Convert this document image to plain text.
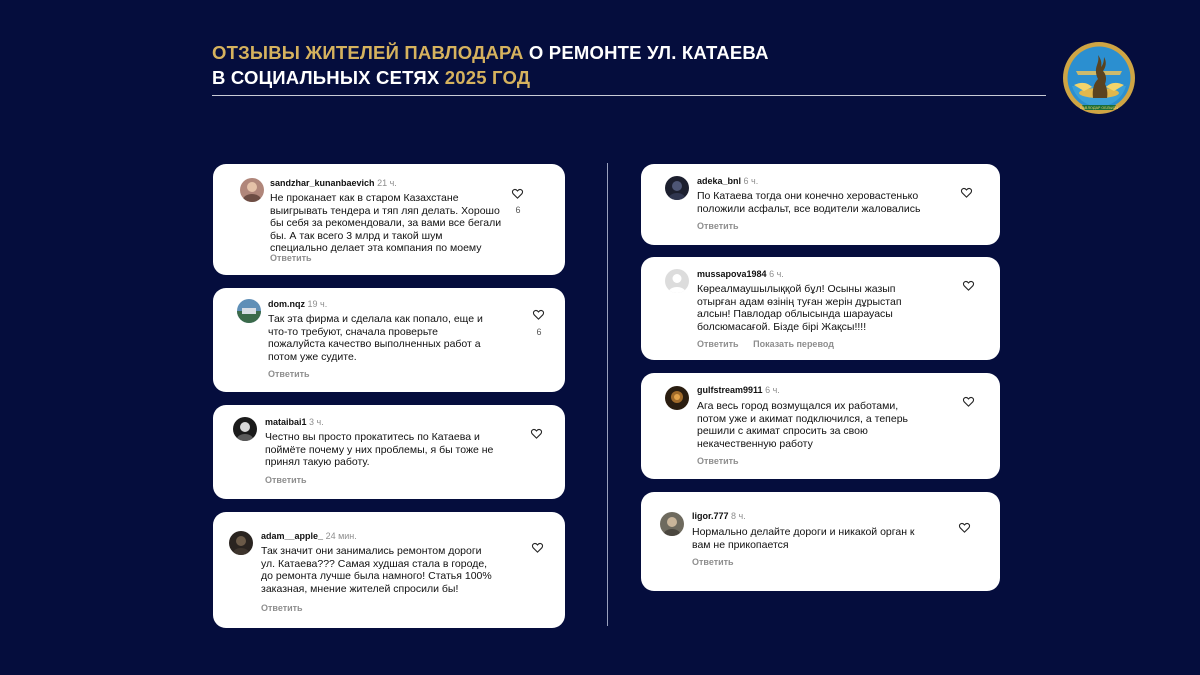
ОТЗЫВЫ ЖИТЕЛЕЙ ПАВЛОДАРА О РЕМОНТЕ УЛ. КАТАЕВА
В СОЦИАЛЬНЫХ СЕТЯХ 2025 ГОД
ПАВЛОДАР ОБЛЫСЫ
sandzhar_kunanbaevich 21 ч.
Не проканает как в старом Казахстане
выигрывать тендера и тяп ляп делать. Хорошо
бы себя за рекомендовали, за вами все бегали
бы. А так всего 3 млрд и такой шум
специально делает эта компания по моему
Ответить
6
dom.nqz 19 ч.
Так эта фирма и сделала как попало, еще и
что-то требуют, сначала проверьте
пожалуйста качество выполненных работ а
потом уже судите.
Ответить
6
mataibai1 3 ч.
Честно вы просто прокатитесь по Катаева и
поймёте почему у них проблемы, я бы тоже не
принял такую работу.
Ответить
adam__apple_ 24 мин.
Так значит они занимались ремонтом дороги
ул. Катаева??? Самая худшая стала в городе,
до ремонта лучше была намного! Статья 100%
заказная, мнение жителей спросили бы!
Ответить
adeka_bnl 6 ч.
По Катаева тогда они конечно херовастенько
положили асфальт, все водители жаловались
Ответить
mussapova1984 6 ч.
Көреалмаушылыққой бұл! Осыны жазып
отырған адам өзінің туған жерін дұрыстап
алсын! Павлодар облысында шарауасы
болсюмасағой. Бізде бірі Жақсы!!!!
Ответить Показать перевод
gulfstream9911 6 ч.
Ага весь город возмущался их работами,
потом уже и акимат подключился, а теперь
решили с акимат спросить за свою
некачественную работу
Ответить
ligor.777 8 ч.
Нормально делайте дороги и никакой орган к
вам не прикопается
Ответить
